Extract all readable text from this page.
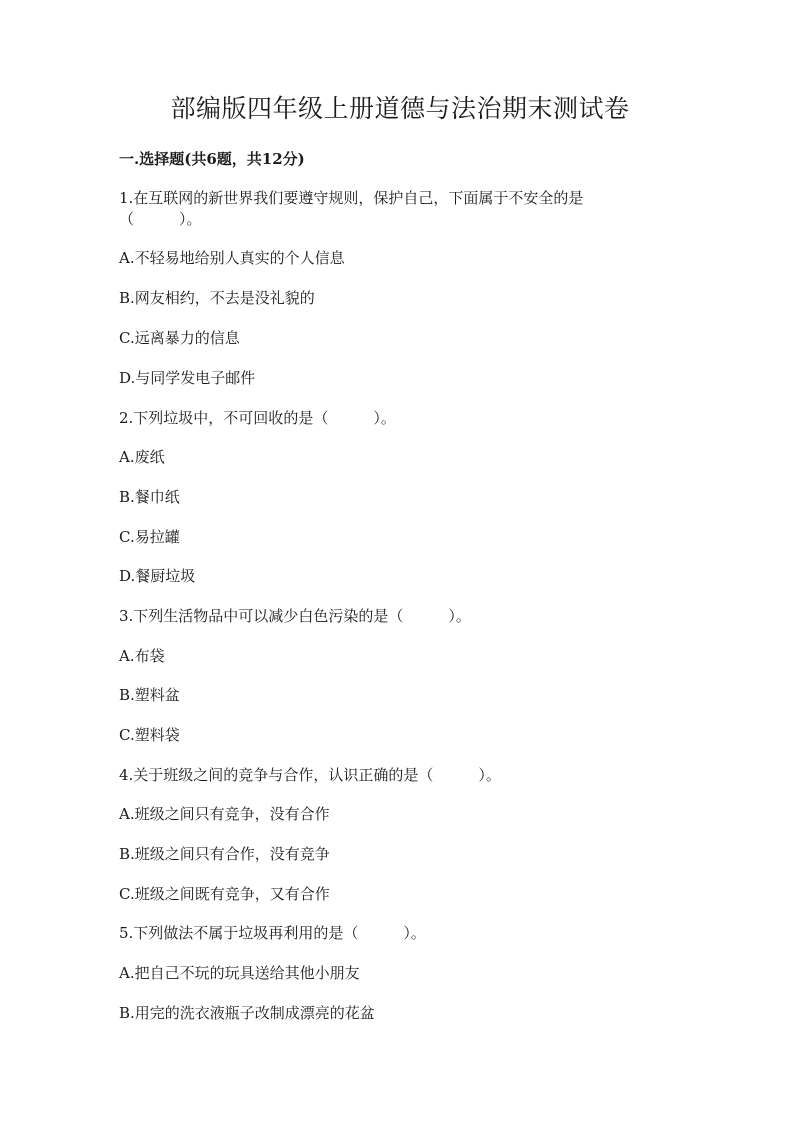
部编版四年级上册道德与法治期末测试卷
一.选择题(共6题，共12分)
1.在互联网的新世界我们要遵守规则，保护自己，下面属于不安全的是
（　　　）。
A.不轻易地给别人真实的个人信息
B.网友相约，不去是没礼貌的
C.远离暴力的信息
D.与同学发电子邮件
2.下列垃圾中，不可回收的是（　　　）。
A.废纸
B.餐巾纸
C.易拉罐
D.餐厨垃圾
3.下列生活物品中可以减少白色污染的是（　　　）。
A.布袋
B.塑料盆
C.塑料袋
4.关于班级之间的竞争与合作，认识正确的是（　　　）。
A.班级之间只有竞争，没有合作
B.班级之间只有合作，没有竞争
C.班级之间既有竞争，又有合作
5.下列做法不属于垃圾再利用的是（　　　）。
A.把自己不玩的玩具送给其他小朋友
B.用完的洗衣液瓶子改制成漂亮的花盆
